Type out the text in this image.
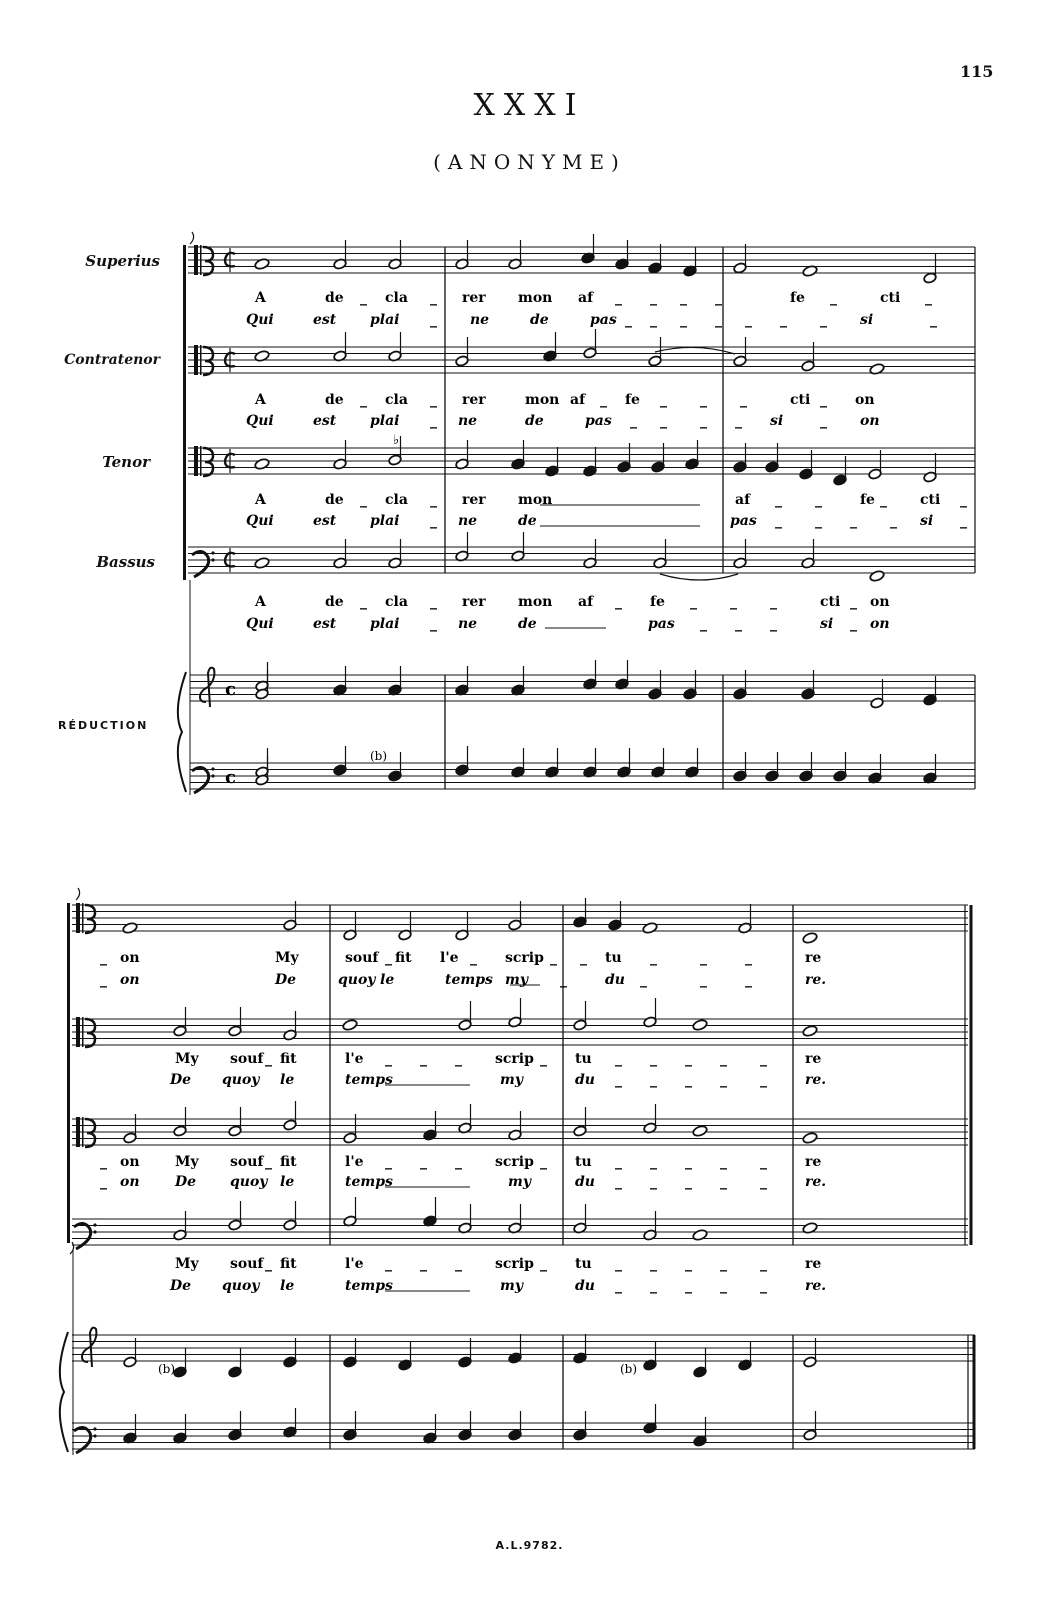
115
XXXI
(ANONYME)
Superius
Contratenor
Tenor
Bassus
RÉDUCTION
A.L.9782.
♭
A	de _ cla _ rer mon af _ _ _ _	fe _	cti _
Qui	est plai _ ne	de	pas _ _ _ _ _ _ _ si	_
A	de _ cla _ rer	mon af _ fe _ _ _	cti _ on
Qui	est plai _ ne	de	pas _ _ _ _ si	_ on
A	de _ cla _ rer mon	af _ _	fe _ cti _
Qui	est plai _ ne	de	pas _ _ _ _ si _
A	de _ cla _ rer mon af _ fe _ _ _	cti _ on
Qui	est plai _ ne	de	pas _ _ _	si _ on
c
c
(b)
_ on	My	souf _ fit l'e _ scrip _ _ tu _	_	_	re
_ on	De	quoy le	temps my _	du _	_	_	re.
My souf _ fit	l'e _ _ _ scrip _ tu _ _ _ _ _	re
De quoy le	temps	my	du _ _ _ _ _	re.
_ on	My souf _ fit	l'e _ _ _ scrip _ tu _ _ _ _ _	re
_ on	De quoy le	temps	my	du _ _ _ _ _	re.
My souf _ fit	l'e _ _ _ scrip _ tu _ _ _ _ _	re
De quoy le	temps	my	du _ _ _ _ _	re.
(b)	(b)
